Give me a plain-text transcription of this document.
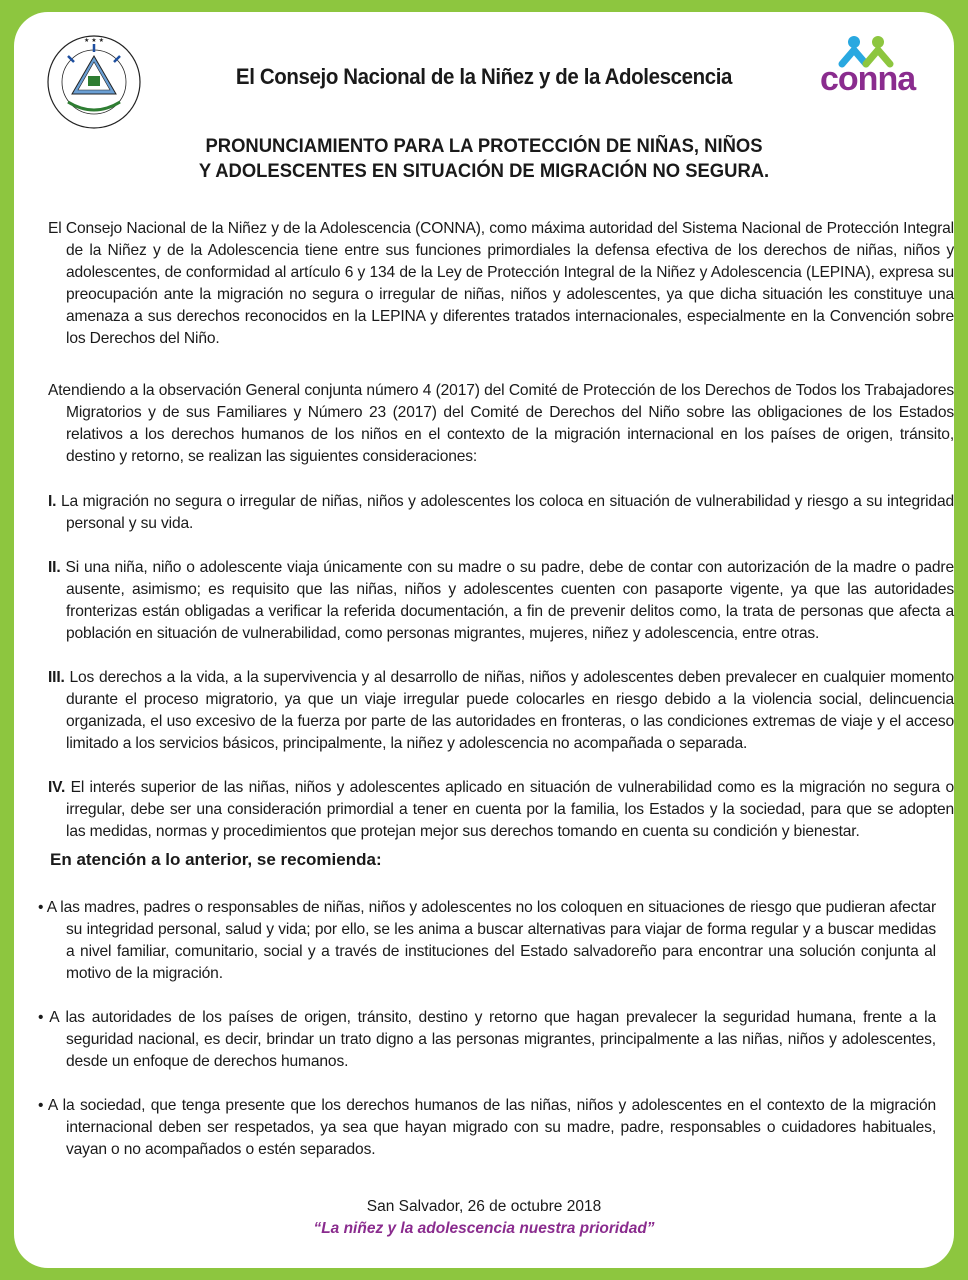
★ ★ ★
El Consejo Nacional de la Niñez y de la Adolescencia	conna
PRONUNCIAMIENTO PARA LA PROTECCIÓN DE NIÑAS, NIÑOS
Y ADOLESCENTES EN SITUACIÓN DE MIGRACIÓN NO SEGURA.
El Consejo Nacional de la Niñez y de la Adolescencia (CONNA), como máxima autoridad del Sistema Nacional de Protección Integral de la Niñez y de la Adolescencia tiene entre sus funciones primordiales la defensa efectiva de los derechos de niñas, niños y adolescentes, de conformidad al artículo 6 y 134 de la Ley de Protección Integral de la Niñez y Adolescencia (LEPINA), expresa su preocupación ante la migración no segura o irregular de niñas, niños y adolescentes, ya que dicha situación les constituye una amenaza a sus derechos reconocidos en la LEPINA y diferentes tratados internacionales, especialmente en la Convención sobre los Derechos del Niño.
Atendiendo a la observación General conjunta número 4 (2017) del Comité de Protección de los Derechos de Todos los Trabajadores Migratorios y de sus Familiares y Número 23 (2017) del Comité de Derechos del Niño sobre las obligaciones de los Estados relativos a los derechos humanos de los niños en el contexto de la migración internacional en los países de origen, tránsito, destino y retorno, se realizan las siguientes consideraciones:
I. La migración no segura o irregular de niñas, niños y adolescentes los coloca en situación de vulnerabilidad y riesgo a su integridad personal y su vida.
II. Si una niña, niño o adolescente viaja únicamente con su madre o su padre, debe de contar con autorización de la madre o padre ausente, asimismo; es requisito que las niñas, niños y adolescentes cuenten con pasaporte vigente, ya que las autoridades fronterizas están obligadas a verificar la referida documentación, a fin de prevenir delitos como, la trata de personas que afecta a población en situación de vulnerabilidad, como personas migrantes, mujeres, niñez y adolescencia, entre otras.
III. Los derechos a la vida, a la supervivencia y al desarrollo de niñas, niños y adolescentes deben prevalecer en cualquier momento durante el proceso migratorio, ya que un viaje irregular puede colocarles en riesgo debido a la violencia social, delincuencia organizada, el uso excesivo de la fuerza por parte de las autoridades en fronteras, o las condiciones extremas de viaje y el acceso limitado a los servicios básicos, principalmente, la niñez y adolescencia no acompañada o separada.
IV. El interés superior de las niñas, niños y adolescentes aplicado en situación de vulnerabilidad como es la migración no segura o irregular, debe ser una consideración primordial a tener en cuenta por la familia, los Estados y la sociedad, para que se adopten las medidas, normas y procedimientos que protejan mejor sus derechos tomando en cuenta su condición y bienestar.
En atención a lo anterior, se recomienda:
• A las madres, padres o responsables de niñas, niños y adolescentes no los coloquen en situaciones de riesgo que pudieran afectar su integridad personal, salud y vida; por ello, se les anima a buscar alternativas para viajar de forma regular y a buscar medidas a nivel familiar, comunitario, social y a través de instituciones del Estado salvadoreño para encontrar una solución conjunta al motivo de la migración.
• A las autoridades de los países de origen, tránsito, destino y retorno que hagan prevalecer la seguridad humana, frente a la seguridad nacional, es decir, brindar un trato digno a las personas migrantes, principalmente a las niñas, niños y adolescentes, desde un enfoque de derechos humanos.
• A la sociedad, que tenga presente que los derechos humanos de las niñas, niños y adolescentes en el contexto de la migración internacional deben ser respetados, ya sea que hayan migrado con su madre, padre, responsables o cuidadores habituales, vayan o no acompañados o estén separados.
San Salvador, 26 de octubre 2018
“La niñez y la adolescencia nuestra prioridad”
